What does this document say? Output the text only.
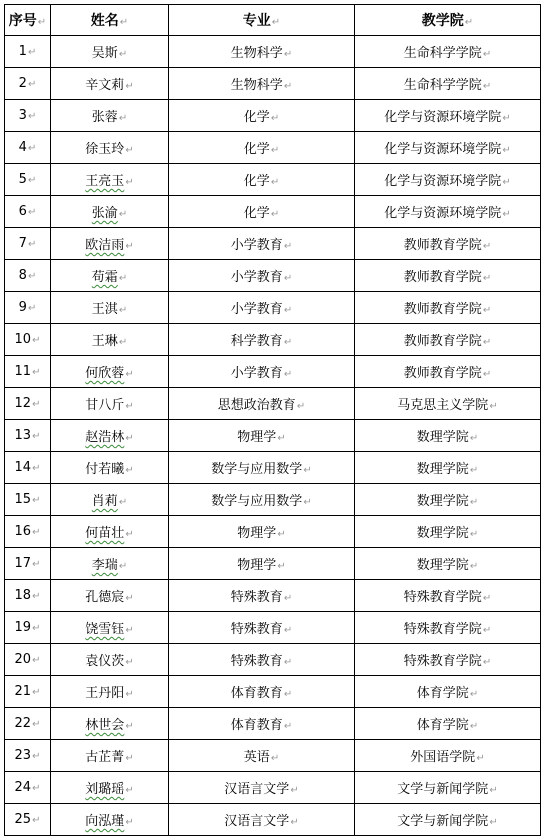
序号↵	姓名↵	专业↵	教学院↵
1↵	吴斯↵	生物科学↵	生命科学学院↵
2↵	辛文莉↵	生物科学↵	生命科学学院↵
3↵	张蓉↵	化学↵	化学与资源环境学院↵
4↵	徐玉玲↵	化学↵	化学与资源环境学院↵
5↵	王亮玉↵	化学↵	化学与资源环境学院↵
6↵	张渝↵	化学↵	化学与资源环境学院↵
7↵	欧洁雨↵	小学教育↵	教师教育学院↵
8↵	苟霜↵	小学教育↵	教师教育学院↵
9↵	王淇↵	小学教育↵	教师教育学院↵
10↵	王琳↵	科学教育↵	教师教育学院↵
11↵	何欣蓉↵	小学教育↵	教师教育学院↵
12↵	甘八斤↵	思想政治教育↵	马克思主义学院↵
13↵	赵浩林↵	物理学↵	数理学院↵
14↵	付若曦↵	数学与应用数学↵	数理学院↵
15↵	肖莉↵	数学与应用数学↵	数理学院↵
16↵	何苗壮↵	物理学↵	数理学院↵
17↵	李瑞↵	物理学↵	数理学院↵
18↵	孔德宸↵	特殊教育↵	特殊教育学院↵
19↵	饶雪钰↵	特殊教育↵	特殊教育学院↵
20↵	袁仪茨↵	特殊教育↵	特殊教育学院↵
21↵	王丹阳↵	体育教育↵	体育学院↵
22↵	林世会↵	体育教育↵	体育学院↵
23↵	古芷菁↵	英语↵	外国语学院↵
24↵	刘璐瑶↵	汉语言文学↵	文学与新闻学院↵
25↵	向泓瑾↵	汉语言文学↵	文学与新闻学院↵
